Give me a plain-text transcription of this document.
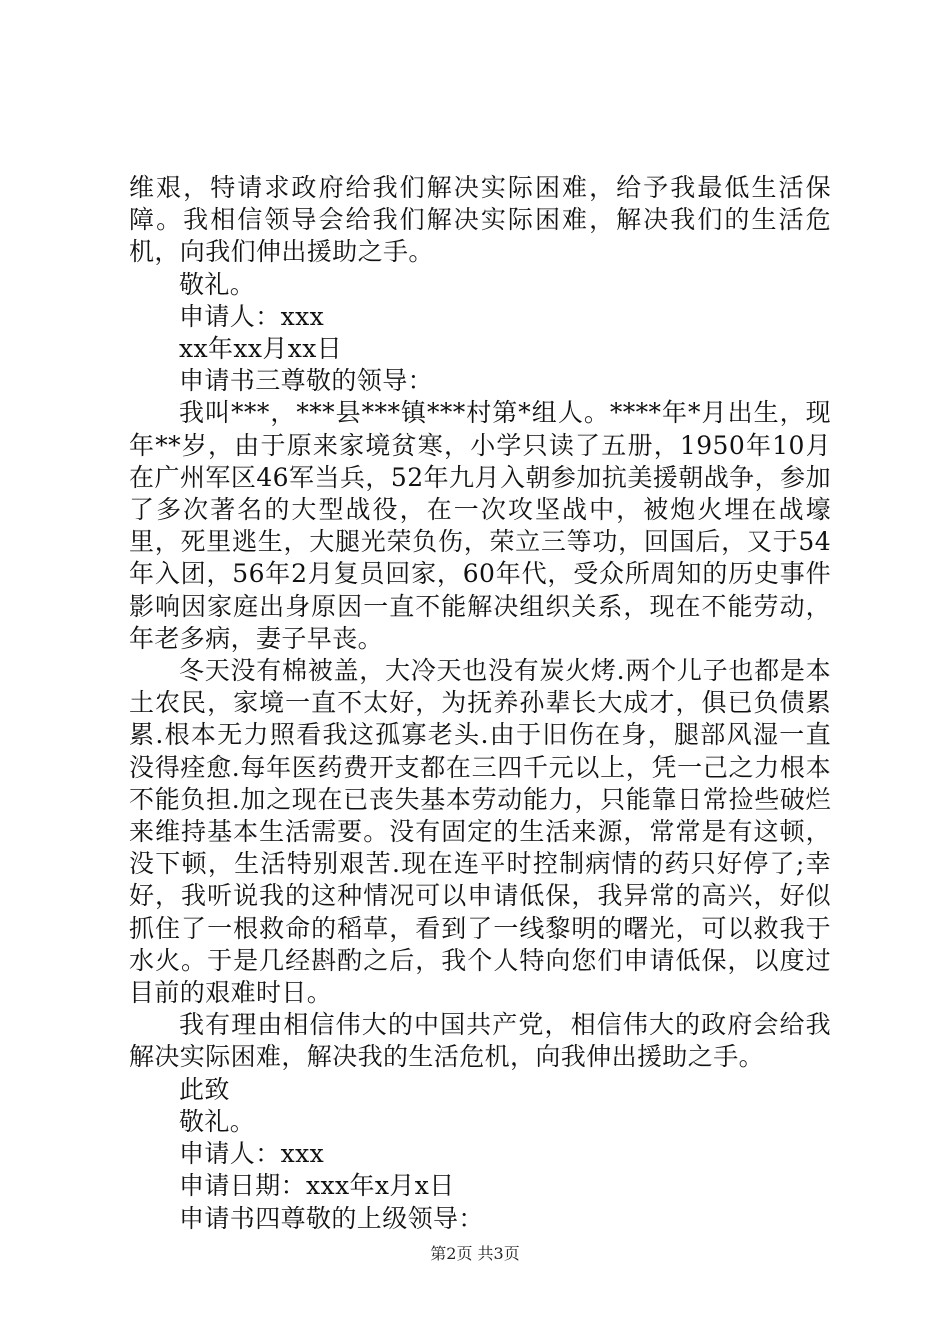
维艰，特请求政府给我们解决实际困难，给予我最低生活保障。我相信领导会给我们解决实际困难，解决我们的生活危机，向我们伸出援助之手。

敬礼。

申请人：xxx

xx年xx月xx日

申请书三尊敬的领导：

我叫***，***县***镇***村第*组人。****年*月出生，现年**岁，由于原来家境贫寒，小学只读了五册，1950年10月在广州军区46军当兵，52年九月入朝参加抗美援朝战争，参加了多次著名的大型战役，在一次攻坚战中，被炮火埋在战壕里，死里逃生，大腿光荣负伤，荣立三等功，回国后，又于54年入团，56年2月复员回家，60年代，受众所周知的历史事件影响因家庭出身原因一直不能解决组织关系，现在不能劳动，年老多病，妻子早丧。

冬天没有棉被盖，大冷天也没有炭火烤.两个儿子也都是本土农民，家境一直不太好，为抚养孙辈长大成才，俱已负债累累.根本无力照看我这孤寡老头.由于旧伤在身，腿部风湿一直没得痊愈.每年医药费开支都在三四千元以上，凭一己之力根本不能负担.加之现在已丧失基本劳动能力，只能靠日常捡些破烂来维持基本生活需要。没有固定的生活来源，常常是有这顿，没下顿，生活特别艰苦.现在连平时控制病情的药只好停了;幸好，我听说我的这种情况可以申请低保，我异常的高兴，好似抓住了一根救命的稻草，看到了一线黎明的曙光，可以救我于水火。于是几经斟酌之后，我个人特向您们申请低保，以度过目前的艰难时日。

我有理由相信伟大的中国共产党，相信伟大的政府会给我解决实际困难，解决我的生活危机，向我伸出援助之手。

此致

敬礼。

申请人：xxx

申请日期：xxx年x月x日

申请书四尊敬的上级领导：

第2页 共3页
